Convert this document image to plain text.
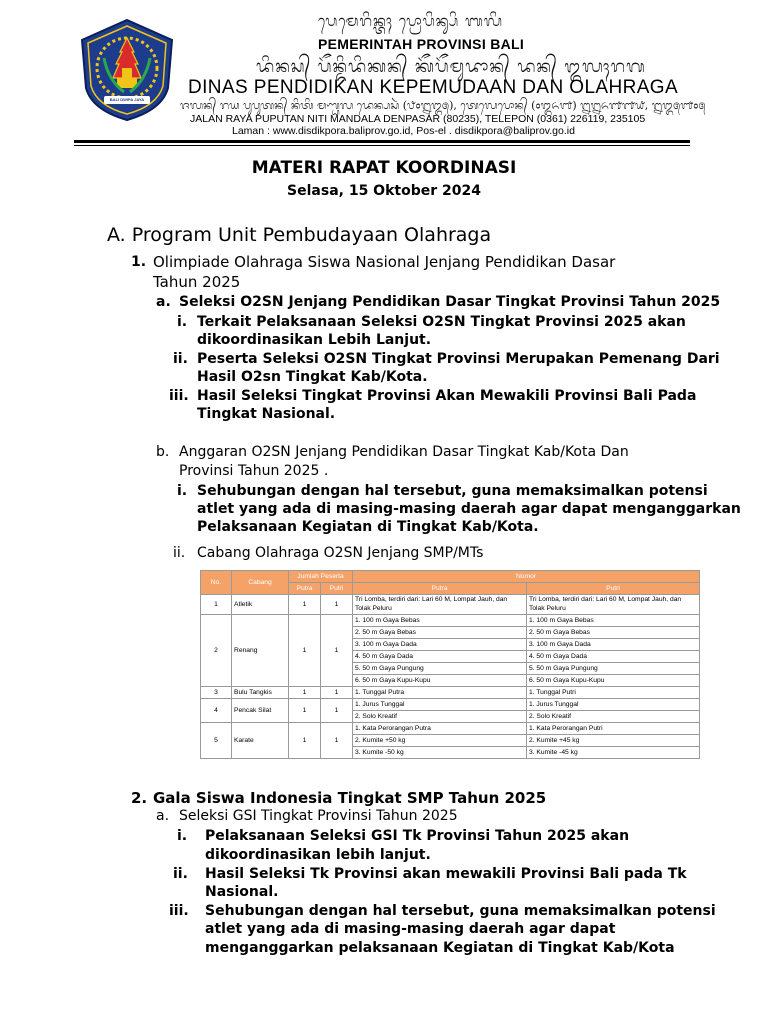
BALI DWIPA JAYA
ᬧᬾᬫᬾᬭᬶᬦ᭄ᬢᬄ ᬧ᭄ᬭᭀᬧᬶᬦ᭄ᬲᬶ ᬩᬮᬶ
PEMERINTAH PROVINSI BALI
ᬤᬶᬦᬲ᭄ ᬧᭂᬦ᭄ᬤᬶᬤᬶᬓᬦ᭄ ᬓᭂᬧᭂᬫᬸᬤᬵᬦ᭄ ᬤᬦ᭄ ᬑᬮᬄᬭᬕ
DINAS PENDIDIKAN KEPEMUDAAN DAN OLAHRAGA
ᬚᬮᬦ᭄ ᬭᬬ ᬧᬸᬧᬸᬢᬦ᭄ ᬦᬶᬢᬶ ᬫᬡ᭄ᬟᬮ ᬤᬾᬦ᭄ᬧᬲᬃ (᭘᭐᭒᭓᭕), ᬢᬾᬮᬾᬧᭀᬦ᭄ (᭐᭓᭖᭑) ᭒᭒᭖᭑᭑᭙, ᭒᭓᭕᭑᭐᭕
JALAN RAYA PUPUTAN NITI MANDALA DENPASAR (80235), TELEPON (0361) 226119, 235105
Laman : www.disdikpora.baliprov.go.id, Pos-el . disdikpora@baliprov.go.id
MATERI RAPAT KOORDINASI
Selasa, 15 Oktober 2024
A. Program Unit Pembudayaan Olahraga
1. Olimpiade Olahraga Siswa Nasional Jenjang Pendidikan Dasar
Tahun 2025
a. Seleksi O2SN Jenjang Pendidikan Dasar Tingkat Provinsi Tahun 2025
i. Terkait Pelaksanaan Seleksi O2SN Tingkat Provinsi 2025 akan
dikoordinasikan Lebih Lanjut.
ii. Peserta Seleksi O2SN Tingkat Provinsi Merupakan Pemenang Dari
Hasil O2sn Tingkat Kab/Kota.
iii. Hasil Seleksi Tingkat Provinsi Akan Mewakili Provinsi Bali Pada
Tingkat Nasional.
b. Anggaran O2SN Jenjang Pendidikan Dasar Tingkat Kab/Kota Dan
Provinsi Tahun 2025 .
i. Sehubungan dengan hal tersebut, guna memaksimalkan potensi
atlet yang ada di masing-masing daerah agar dapat menganggarkan
Pelaksanaan Kegiatan di Tingkat Kab/Kota.
ii. Cabang Olahraga O2SN Jenjang SMP/MTs
No.	Cabang	Jumlah Peserta		Nomor	
		Putra	Putri	Putra	Putri
1	Atletik	1	1	Tri Lomba, terdiri dari: Lari 60 M, Lompat Jauh, dan Tolak Peluru	Tri Lomba, terdiri dari: Lari 60 M, Lompat Jauh, dan Tolak Peluru
2	Renang	1	1	1. 100 m Gaya Bebas	1. 100 m Gaya Bebas
				2. 50 m Gaya Bebas	2. 50 m Gaya Bebas
				3. 100 m Gaya Dada	3. 100 m Gaya Dada
				4. 50 m Gaya Dada	4. 50 m Gaya Dada
				5. 50 m Gaya Pungung	5. 50 m Gaya Pungung
				6. 50 m Gaya Kupu-Kupu	6. 50 m Gaya Kupu-Kupu
3	Bulu Tangkis	1	1	1. Tunggal Putra	1. Tunggal Putri
4	Pencak Silat	1	1	1. Jurus Tunggal	1. Jurus Tunggal
				2. Solo Kreatif	2. Solo Kreatif
5	Karate	1	1	1. Kata Perorangan Putra	1. Kata Perorangan Putri
				2. Kumite +50 kg	2. Kumite +45 kg
				3. Kumite -50 kg	3. Kumite -45 kg
2. Gala Siswa Indonesia Tingkat SMP Tahun 2025
a. Seleksi GSI Tingkat Provinsi Tahun 2025
i. Pelaksanaan Seleksi GSI Tk Provinsi Tahun 2025 akan
dikoordinasikan lebih lanjut.
ii. Hasil Seleksi Tk Provinsi akan mewakili Provinsi Bali pada Tk
Nasional.
iii. Sehubungan dengan hal tersebut, guna memaksimalkan potensi
atlet yang ada di masing-masing daerah agar dapat
menganggarkan pelaksanaan Kegiatan di Tingkat Kab/Kota
